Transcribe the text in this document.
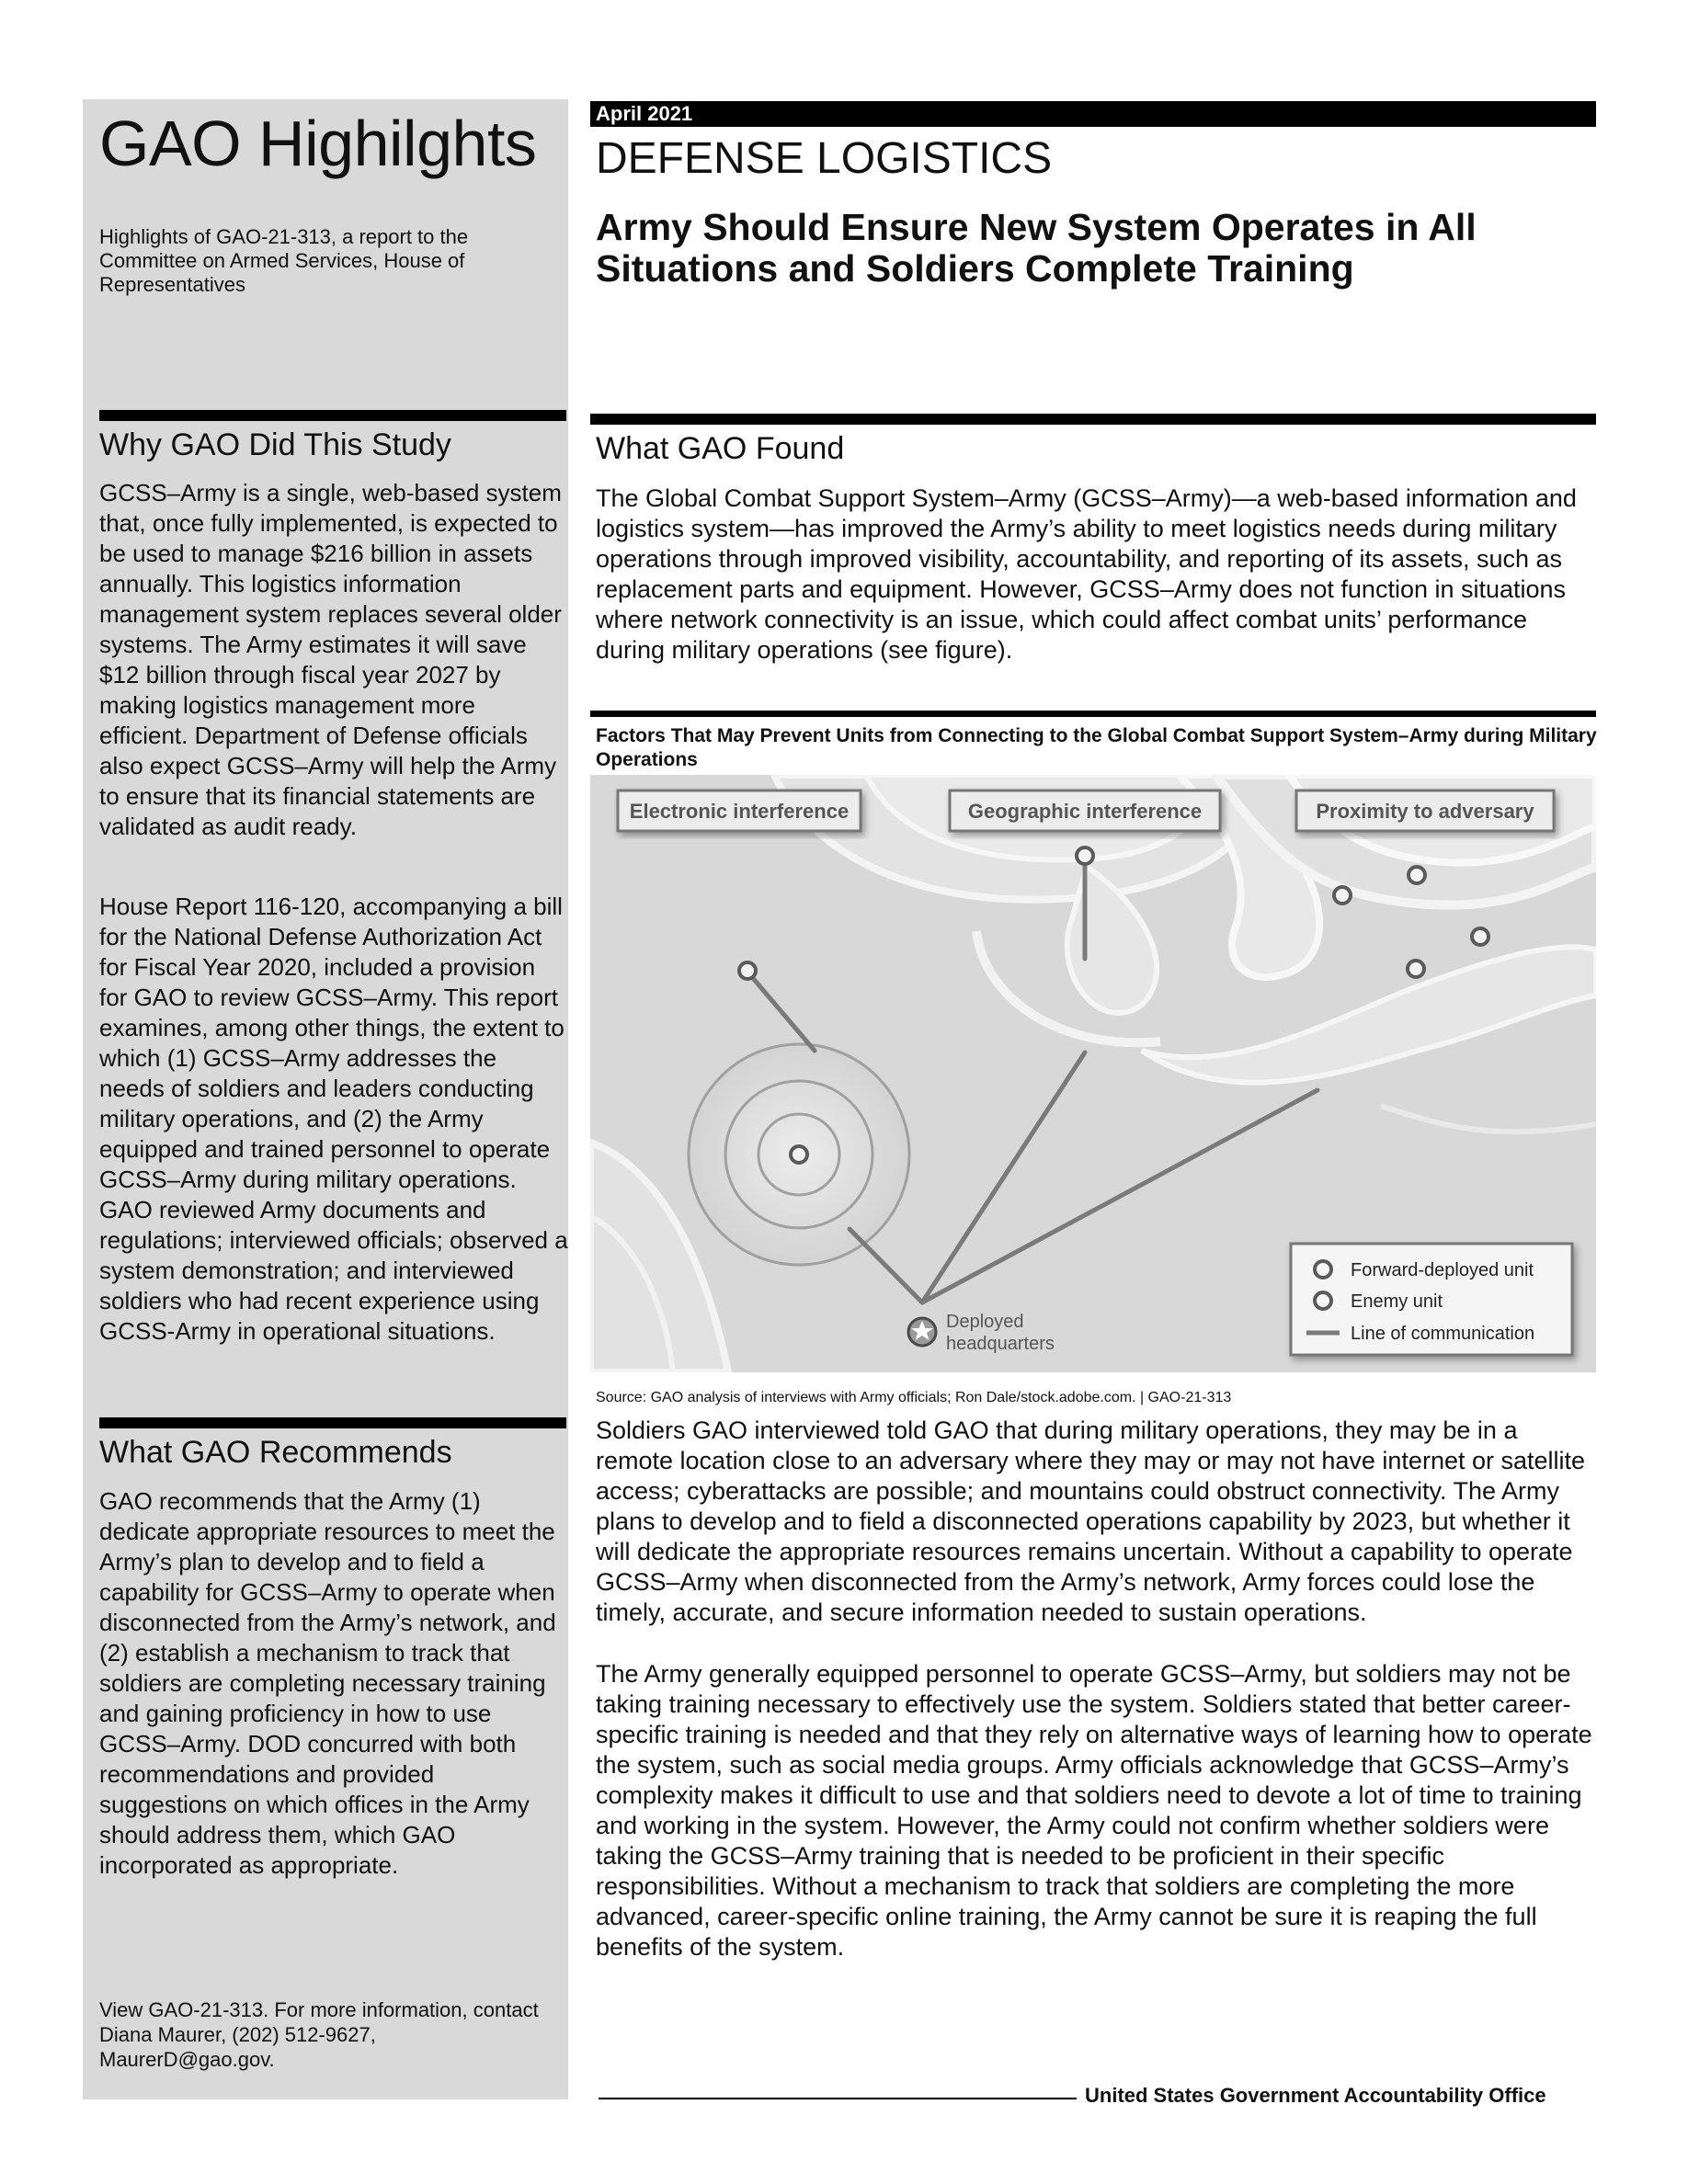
GAO Highilghts

Highlights of GAO-21-313, a report to the Committee on Armed Services, House of Representatives

Why GAO Did This Study

GCSS–Army is a single, web-based system that, once fully implemented, is expected to be used to manage $216 billion in assets annually. This logistics information management system replaces several older systems. The Army estimates it will save $12 billion through fiscal year 2027 by making logistics management more efficient. Department of Defense officials also expect GCSS–Army will help the Army to ensure that its financial statements are validated as audit ready.

House Report 116-120, accompanying a bill for the National Defense Authorization Act for Fiscal Year 2020, included a provision for GAO to review GCSS–Army. This report examines, among other things, the extent to which (1) GCSS–Army addresses the needs of soldiers and leaders conducting military operations, and (2) the Army equipped and trained personnel to operate GCSS–Army during military operations. GAO reviewed Army documents and regulations; interviewed officials; observed a system demonstration; and interviewed soldiers who had recent experience using GCSS-Army in operational situations.

What GAO Recommends

GAO recommends that the Army (1) dedicate appropriate resources to meet the Army’s plan to develop and to field a capability for GCSS–Army to operate when disconnected from the Army’s network, and (2) establish a mechanism to track that soldiers are completing necessary training and gaining proficiency in how to use GCSS–Army. DOD concurred with both recommendations and provided suggestions on which offices in the Army should address them, which GAO incorporated as appropriate.

View GAO-21-313. For more information, contact Diana Maurer, (202) 512-9627, MaurerD@gao.gov.

April 2021
DEFENSE LOGISTICS
Army Should Ensure New System Operates in All Situations and Soldiers Complete Training
What GAO Found

The Global Combat Support System–Army (GCSS–Army)—a web-based information and logistics system—has improved the Army’s ability to meet logistics needs during military operations through improved visibility, accountability, and reporting of its assets, such as replacement parts and equipment. However, GCSS–Army does not function in situations where network connectivity is an issue, which could affect combat units’ performance during military operations (see figure).

Factors That May Prevent Units from Connecting to the Global Combat Support System–Army during Military Operations

Deployed
headquarters
Electronic interference	Geographic interference	Proximity to adversary
Forward-deployed unit
Enemy unit
Line of communication

Source: GAO analysis of interviews with Army officials; Ron Dale/stock.adobe.com. | GAO-21-313

Soldiers GAO interviewed told GAO that during military operations, they may be in a remote location close to an adversary where they may or may not have internet or satellite access; cyberattacks are possible; and mountains could obstruct connectivity. The Army plans to develop and to field a disconnected operations capability by 2023, but whether it will dedicate the appropriate resources remains uncertain. Without a capability to operate GCSS–Army when disconnected from the Army’s network, Army forces could lose the timely, accurate, and secure information needed to sustain operations.

The Army generally equipped personnel to operate GCSS–Army, but soldiers may not be taking training necessary to effectively use the system. Soldiers stated that better career-specific training is needed and that they rely on alternative ways of learning how to operate the system, such as social media groups. Army officials acknowledge that GCSS–Army’s complexity makes it difficult to use and that soldiers need to devote a lot of time to training and working in the system. However, the Army could not confirm whether soldiers were taking the GCSS–Army training that is needed to be proficient in their specific responsibilities. Without a mechanism to track that soldiers are completing the more advanced, career-specific online training, the Army cannot be sure it is reaping the full benefits of the system.

United States Government Accountability Office
